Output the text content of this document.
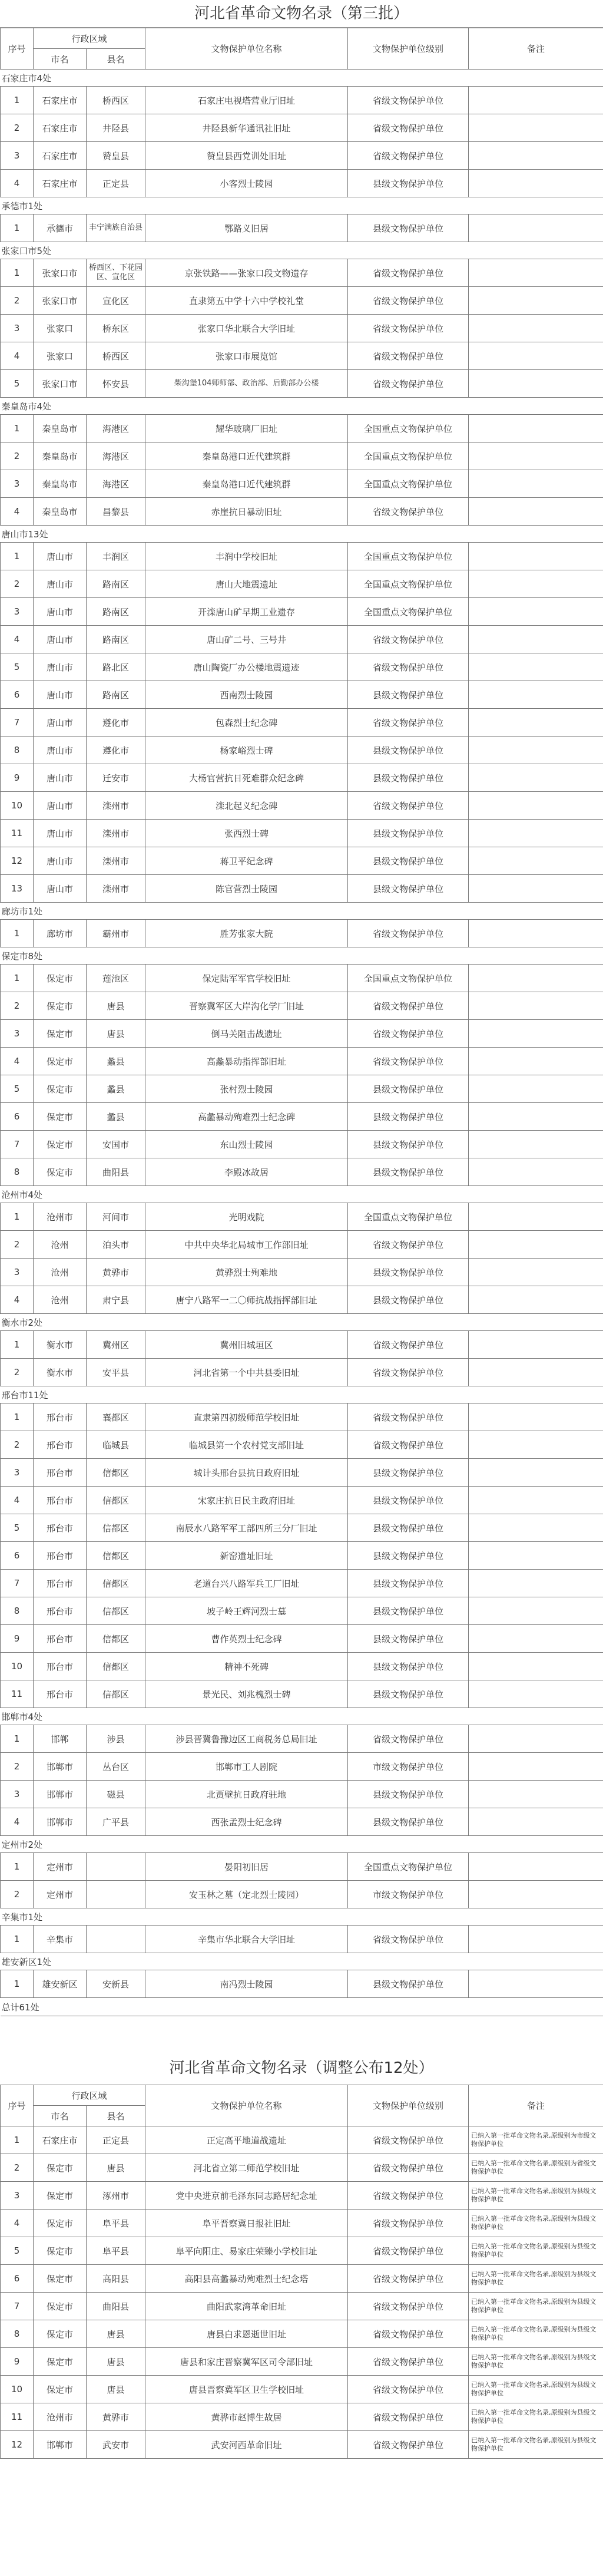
河北省革命文物名录（第三批）
序号	行政区域		文物保护单位名称	文物保护单位级别	备注
	市名	县名			
石家庄市4处					
1	石家庄市	桥西区	石家庄电视塔营业厅旧址	省级文物保护单位	
2	石家庄市	井陉县	井陉县新华通讯社旧址	省级文物保护单位	
3	石家庄市	赞皇县	赞皇县西党训处旧址	省级文物保护单位	
4	石家庄市	正定县	小客烈士陵园	县级文物保护单位	
承德市1处					
1	承德市	丰宁满族自治县	鄂路义旧居	县级文物保护单位	
张家口市5处					
1	张家口市	桥西区、下花园区、宣化区	京张铁路——张家口段文物遗存	省级文物保护单位	
2	张家口市	宣化区	直隶第五中学十六中学校礼堂	省级文物保护单位	
3	张家口	桥东区	张家口华北联合大学旧址	省级文物保护单位	
4	张家口	桥西区	张家口市展览馆	省级文物保护单位	
5	张家口市	怀安县	柴沟堡104师师部、政治部、后勤部办公楼	省级文物保护单位	
秦皇岛市4处					
1	秦皇岛市	海港区	耀华玻璃厂旧址	全国重点文物保护单位	
2	秦皇岛市	海港区	秦皇岛港口近代建筑群	全国重点文物保护单位	
3	秦皇岛市	海港区	秦皇岛港口近代建筑群	全国重点文物保护单位	
4	秦皇岛市	昌黎县	赤崖抗日暴动旧址	省级文物保护单位	
唐山市13处					
1	唐山市	丰润区	丰润中学校旧址	全国重点文物保护单位	
2	唐山市	路南区	唐山大地震遗址	全国重点文物保护单位	
3	唐山市	路南区	开滦唐山矿早期工业遗存	全国重点文物保护单位	
4	唐山市	路南区	唐山矿二号、三号井	省级文物保护单位	
5	唐山市	路北区	唐山陶瓷厂办公楼地震遗迹	省级文物保护单位	
6	唐山市	路南区	西南烈士陵园	县级文物保护单位	
7	唐山市	遵化市	包森烈士纪念碑	省级文物保护单位	
8	唐山市	遵化市	杨家峪烈士碑	县级文物保护单位	
9	唐山市	迁安市	大杨官营抗日死难群众纪念碑	县级文物保护单位	
10	唐山市	滦州市	滦北起义纪念碑	省级文物保护单位	
11	唐山市	滦州市	张西烈士碑	县级文物保护单位	
12	唐山市	滦州市	蒋卫平纪念碑	县级文物保护单位	
13	唐山市	滦州市	陈官营烈士陵园	县级文物保护单位	
廊坊市1处					
1	廊坊市	霸州市	胜芳张家大院	省级文物保护单位	
保定市8处					
1	保定市	莲池区	保定陆军军官学校旧址	全国重点文物保护单位	
2	保定市	唐县	晋察冀军区大岸沟化学厂旧址	省级文物保护单位	
3	保定市	唐县	倒马关阻击战遗址	省级文物保护单位	
4	保定市	蠡县	高蠡暴动指挥部旧址	省级文物保护单位	
5	保定市	蠡县	张村烈士陵园	县级文物保护单位	
6	保定市	蠡县	高蠡暴动殉难烈士纪念碑	县级文物保护单位	
7	保定市	安国市	东山烈士陵园	县级文物保护单位	
8	保定市	曲阳县	李殿冰故居	县级文物保护单位	
沧州市4处					
1	沧州市	河间市	光明戏院	全国重点文物保护单位	
2	沧州	泊头市	中共中央华北局城市工作部旧址	省级文物保护单位	
3	沧州	黄骅市	黄骅烈士殉难地	县级文物保护单位	
4	沧州	肃宁县	唐宁八路军一二〇师抗战指挥部旧址	县级文物保护单位	
衡水市2处					
1	衡水市	冀州区	冀州旧城垣区	省级文物保护单位	
2	衡水市	安平县	河北省第一个中共县委旧址	省级文物保护单位	
邢台市11处					
1	邢台市	襄都区	直隶第四初级师范学校旧址	省级文物保护单位	
2	邢台市	临城县	临城县第一个农村党支部旧址	省级文物保护单位	
3	邢台市	信都区	城计头邢台县抗日政府旧址	县级文物保护单位	
4	邢台市	信都区	宋家庄抗日民主政府旧址	县级文物保护单位	
5	邢台市	信都区	南辰水八路军军工部四所三分厂旧址	县级文物保护单位	
6	邢台市	信都区	新窑遗址旧址	县级文物保护单位	
7	邢台市	信都区	老道台兴八路军兵工厂旧址	县级文物保护单位	
8	邢台市	信都区	坡子岭王辉河烈士墓	县级文物保护单位	
9	邢台市	信都区	曹作英烈士纪念碑	县级文物保护单位	
10	邢台市	信都区	精神不死碑	县级文物保护单位	
11	邢台市	信都区	景光民、刘兆槐烈士碑	县级文物保护单位	
邯郸市4处					
1	邯郸	涉县	涉县晋冀鲁豫边区工商税务总局旧址	省级文物保护单位	
2	邯郸市	丛台区	邯郸市工人剧院	市级文物保护单位	
3	邯郸市	磁县	北贾壁抗日政府驻地	县级文物保护单位	
4	邯郸市	广平县	西张孟烈士纪念碑	县级文物保护单位	
定州市2处					
1	定州市		晏阳初旧居	全国重点文物保护单位	
2	定州市		安玉林之墓（定北烈士陵园）	市级文物保护单位	
辛集市1处					
1	辛集市		辛集市华北联合大学旧址	省级文物保护单位	
雄安新区1处					
1	雄安新区	安新县	南冯烈士陵园	县级文物保护单位	
总计61处					
河北省革命文物名录（调整公布12处）
序号	行政区域		文物保护单位名称	文物保护单位级别	备注
	市名	县名			
1	石家庄市	正定县	正定高平地道战遗址	省级文物保护单位	已纳入第一批革命文物名录,原级别为市级文物保护单位
2	保定市	唐县	河北省立第二师范学校旧址	省级文物保护单位	已纳入第一批革命文物名录,原级别为省级文物保护单位
3	保定市	涿州市	党中央进京前毛泽东同志路居纪念址	省级文物保护单位	已纳入第一批革命文物名录,原级别为县级文物保护单位
4	保定市	阜平县	阜平晋察冀日报社旧址	省级文物保护单位	已纳入第一批革命文物名录,原级别为县级文物保护单位
5	保定市	阜平县	阜平向阳庄、易家庄荣臻小学校旧址	省级文物保护单位	已纳入第一批革命文物名录,原级别为县级文物保护单位
6	保定市	高阳县	高阳县高蠡暴动殉难烈士纪念塔	省级文物保护单位	已纳入第一批革命文物名录,原级别为县级文物保护单位
7	保定市	曲阳县	曲阳武家湾革命旧址	省级文物保护单位	已纳入第一批革命文物名录,原级别为县级文物保护单位
8	保定市	唐县	唐县白求恩逝世旧址	省级文物保护单位	已纳入第一批革命文物名录,原级别为县级文物保护单位
9	保定市	唐县	唐县和家庄晋察冀军区司令部旧址	省级文物保护单位	已纳入第一批革命文物名录,原级别为县级文物保护单位
10	保定市	唐县	唐县晋察冀军区卫生学校旧址	省级文物保护单位	已纳入第一批革命文物名录,原级别为县级文物保护单位
11	沧州市	黄骅市	黄骅市赵博生故居	省级文物保护单位	已纳入第一批革命文物名录,原级别为县级文物保护单位
12	邯郸市	武安市	武安河西革命旧址	省级文物保护单位	已纳入第一批革命文物名录,原级别为县级文物保护单位
